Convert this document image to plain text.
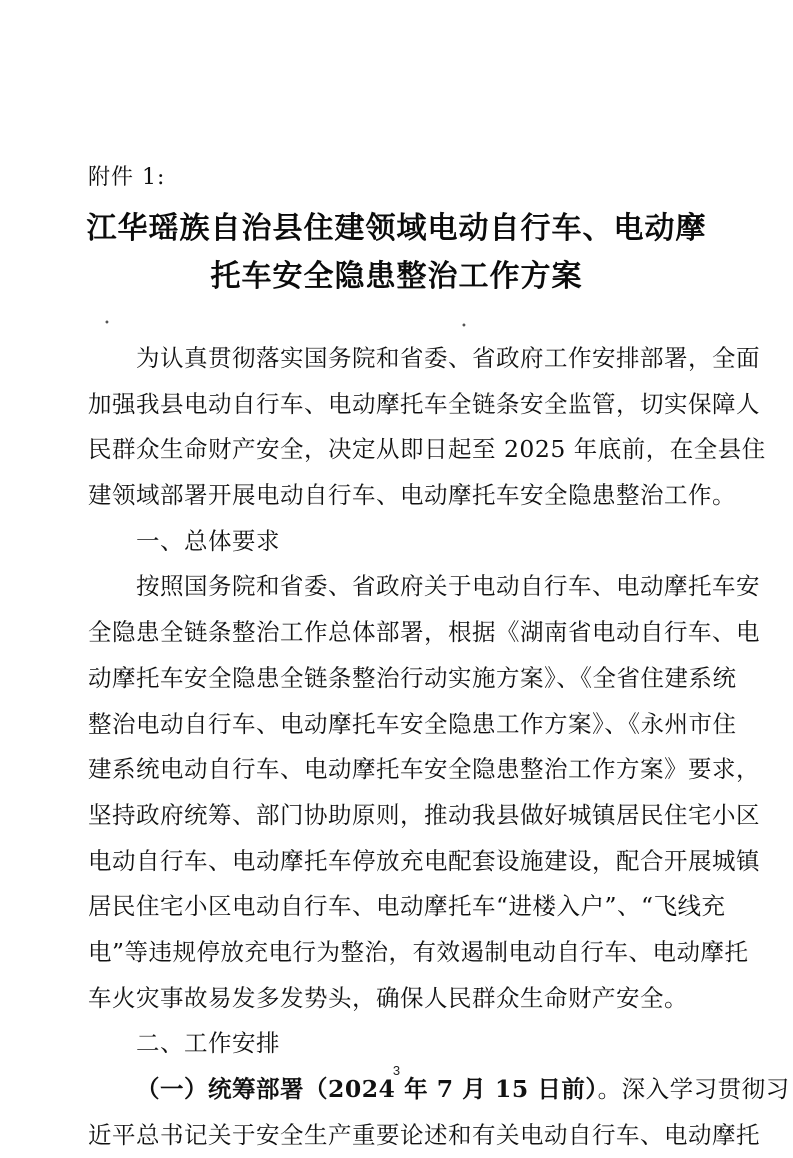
附件 1:
江华瑶族自治县住建领域电动自行车、电动摩
托车安全隐患整治工作方案
•	•
为认真贯彻落实国务院和省委、省政府工作安排部署，全面
加强我县电动自行车、电动摩托车全链条安全监管，切实保障人
民群众生命财产安全，决定从即日起至 2025 年底前，在全县住
建领域部署开展电动自行车、电动摩托车安全隐患整治工作。
一、总体要求
按照国务院和省委、省政府关于电动自行车、电动摩托车安
全隐患全链条整治工作总体部署，根据《湖南省电动自行车、电
动摩托车安全隐患全链条整治行动实施方案》、《全省住建系统
整治电动自行车、电动摩托车安全隐患工作方案》、《永州市住
建系统电动自行车、电动摩托车安全隐患整治工作方案》要求，
坚持政府统筹、部门协助原则，推动我县做好城镇居民住宅小区
电动自行车、电动摩托车停放充电配套设施建设，配合开展城镇
居民住宅小区电动自行车、电动摩托车“进楼入户”、“飞线充
电”等违规停放充电行为整治，有效遏制电动自行车、电动摩托
车火灾事故易发多发势头，确保人民群众生命财产安全。
二、工作安排
（一）统筹部署（2024 年 7 月 15 日前）。深入学习贯彻习
近平总书记关于安全生产重要论述和有关电动自行车、电动摩托
3
